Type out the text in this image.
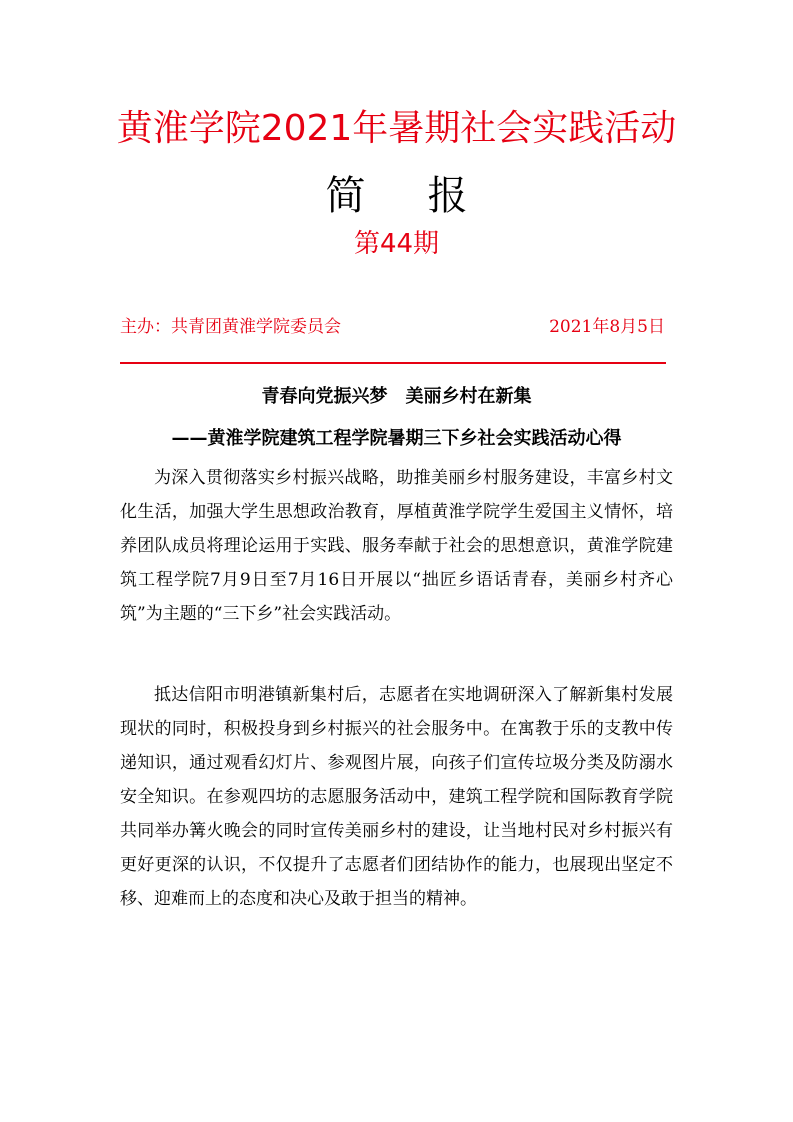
黄淮学院2021年暑期社会实践活动
简 报
第44期
主办：共青团黄淮学院委员会	2021年8月5日
青春向党振兴梦　美丽乡村在新集
——黄淮学院建筑工程学院暑期三下乡社会实践活动心得

为深入贯彻落实乡村振兴战略，助推美丽乡村服务建设，丰富乡村文化生活，加强大学生思想政治教育，厚植黄淮学院学生爱国主义情怀，培养团队成员将理论运用于实践、服务奉献于社会的思想意识，黄淮学院建筑工程学院7月9日至7月16日开展以“拙匠乡语话青春，美丽乡村齐心筑”为主题的“三下乡”社会实践活动。

抵达信阳市明港镇新集村后，志愿者在实地调研深入了解新集村发展现状的同时，积极投身到乡村振兴的社会服务中。在寓教于乐的支教中传递知识，通过观看幻灯片、参观图片展，向孩子们宣传垃圾分类及防溺水安全知识。在参观四坊的志愿服务活动中，建筑工程学院和国际教育学院共同举办篝火晚会的同时宣传美丽乡村的建设，让当地村民对乡村振兴有更好更深的认识，不仅提升了志愿者们团结协作的能力，也展现出坚定不移、迎难而上的态度和决心及敢于担当的精神。
